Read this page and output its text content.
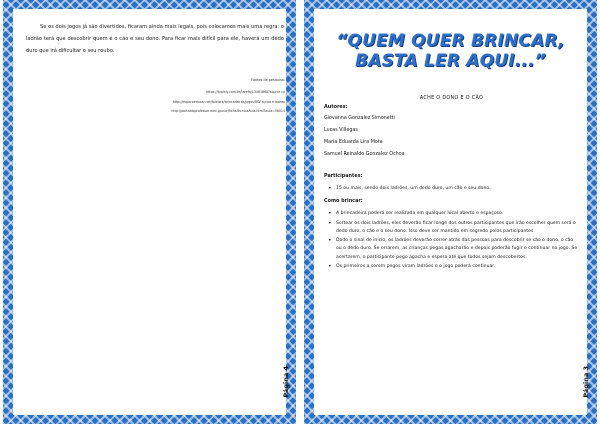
Se os dois jogos já são divertidos, ficaram ainda mais legais, pois colocamos mais uma regra: o ladrão terá que descobrir quem é o cão e seu dono. Para ficar mais difícil para ele, haverá um dedo duro que irá dificultar o seu roubo.

Fontes de pesquisa:
https://brainly.com.br/tarefa/13461868?source=a
http://espacoeducar.net/folclore/brincadeiras/jogos/BCF p/cao e ladrao
http://portaldoprofessor.mec.gov.br/fichaTecnicaAula.html?aula=56014
Página 4
“QUEM QUER BRINCAR, BASTA LER AQUI...”
ACHE O DONO E O CÃO
Autores:
Giovanna Gonzalez Simonetti
Lucas Villegas
Maria Eduarda Lira Mota
Samuel Reinaldo Gonzalez Ochoa
Participantes:
• 15 ou mais, sendo dois ladrões, um dedo duro, um cão e seu dono.
Como brincar:
• A brincadeira poderá ser realizada em qualquer local aberto e espaçoso.
• Sortear os dois ladrões, eles deverão ficar longe dos outros participantes que irão escolher quem será o dedo duro, o cão e o seu dono. Isso deve ser mantido em segredo pelos participantes.
• Dado o sinal de início, os ladrões deverão correr atrás das pessoas para descobrir se são o dono, o cão ou o dedo duro. Se errarem, as crianças pegas agacharão e depois poderão fugir e continuar no jogo. Se acertarem, o participante pego agacha e espera até que todos sejam descobertos.
• Os primeiros a serem pegos viram ladrões e o jogo poderá continuar.
Página 3
